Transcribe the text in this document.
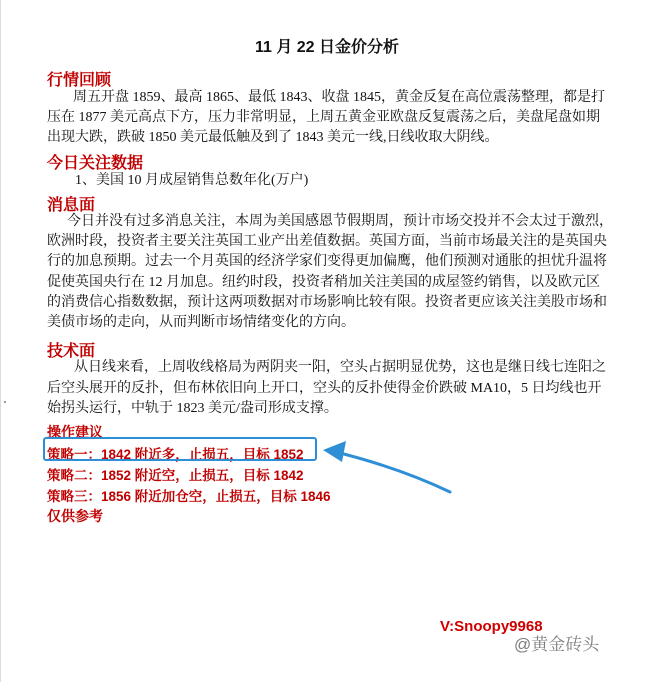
11 月 22 日金价分析
行情回顾
周五开盘 1859、最高 1865、最低 1843、收盘 1845，黄金反复在高位震荡整理，都是打
压在 1877 美元高点下方，压力非常明显，上周五黄金亚欧盘反复震荡之后，美盘尾盘如期
出现大跌，跌破 1850 美元最低触及到了 1843 美元一线,日线收取大阴线。
今日关注数据
1、美国 10 月成屋销售总数年化(万户)
消息面
今日并没有过多消息关注，本周为美国感恩节假期周，预计市场交投并不会太过于激烈，
欧洲时段，投资者主要关注英国工业产出差值数据。英国方面，当前市场最关注的是英国央
行的加息预期。过去一个月英国的经济学家们变得更加偏鹰，他们预测对通胀的担忧升温将
促使英国央行在 12 月加息。纽约时段，投资者稍加关注美国的成屋签约销售，以及欧元区
的消费信心指数数据，预计这两项数据对市场影响比较有限。投资者更应该关注美股市场和
美债市场的走向，从而判断市场情绪变化的方向。
技术面
从日线来看，上周收线格局为两阴夹一阳，空头占据明显优势，这也是继日线七连阳之
后空头展开的反扑，但布林依旧向上开口，空头的反扑使得金价跌破 MA10，5 日均线也开
始拐头运行，中轨于 1823 美元/盎司形成支撑。
操作建议
策略一：1842 附近多，止损五，目标 1852
策略二：1852 附近空，止损五，目标 1842
策略三：1856 附近加仓空，止损五，目标 1846
仅供参考
V:Snoopy9968
@黄金砖头
